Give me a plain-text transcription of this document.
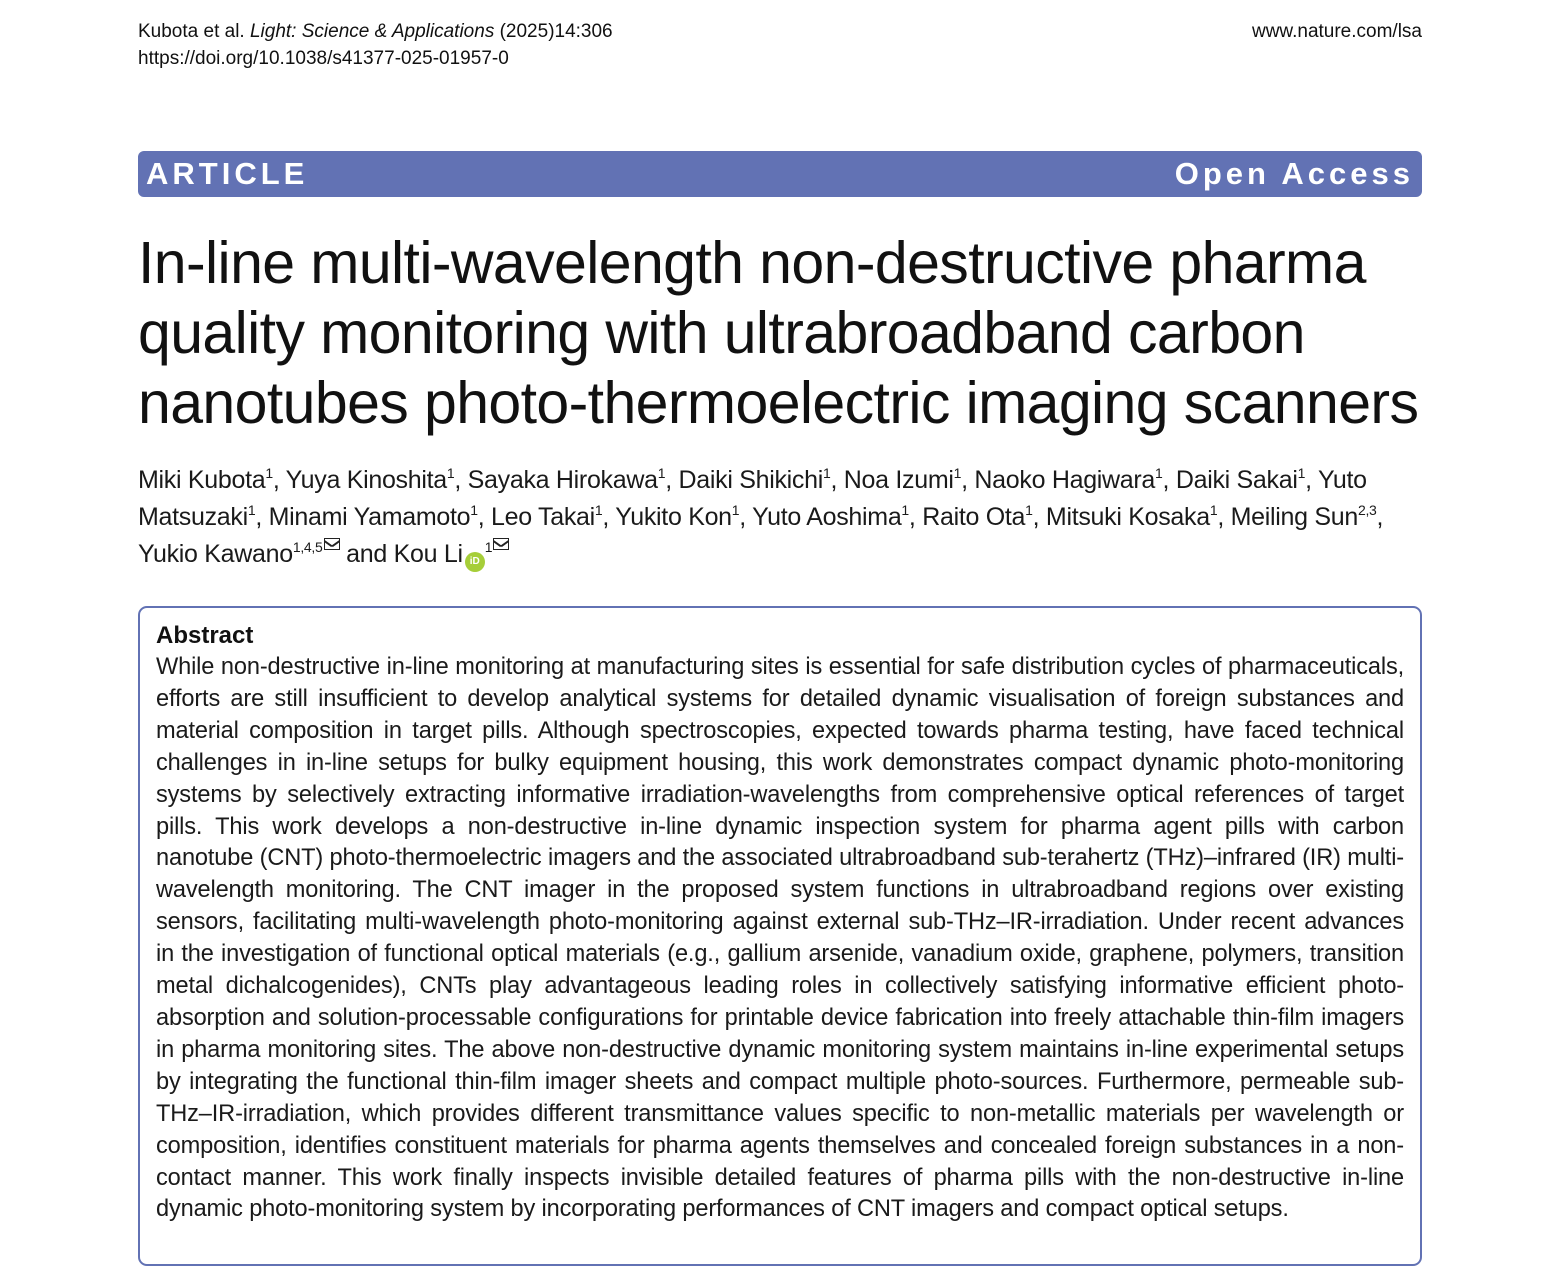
Kubota et al. Light: Science & Applications (2025)14:306
https://doi.org/10.1038/s41377-025-01957-0
www.nature.com/lsa
ARTICLE	Open Access
In-line multi-wavelength non-destructive pharma quality monitoring with ultrabroadband carbon nanotubes photo-thermoelectric imaging scanners
Miki Kubota$^1$, Yuya Kinoshita$^1$, Sayaka Hirokawa$^1$, Daiki Shikichi$^1$, Noa Izumi$^1$, Naoko Hagiwara$^1$, Daiki Sakai$^1$, Yuto Matsuzaki$^1$, Minami Yamamoto$^1$, Leo Takai$^1$, Yukito Kon$^1$, Yuto Aoshima$^1$, Raito Ota$^1$, Mitsuki Kosaka$^1$, Meiling Sun$^{2,3}$, Yukio Kawano$^{1,4,5}$ and Kou Li $iD^1$

Abstract

While non-destructive in-line monitoring at manufacturing sites is essential for safe distribution cycles of pharmaceuticals, efforts are still insufficient to develop analytical systems for detailed dynamic visualisation of foreign substances and material composition in target pills. Although spectroscopies, expected towards pharma testing, have faced technical challenges in in-line setups for bulky equipment housing, this work demonstrates compact dynamic photo-monitoring systems by selectively extracting informative irradiation-wavelengths from comprehensive optical references of target pills. This work develops a non-destructive in-line dynamic inspection system for pharma agent pills with carbon nanotube (CNT) photo-thermoelectric imagers and the associated ultrabroadband sub-terahertz (THz)–infrared (IR) multi-wavelength monitoring. The CNT imager in the proposed system functions in ultrabroadband regions over existing sensors, facilitating multi-wavelength photo-monitoring against external sub-THz–IR-irradiation. Under recent advances in the investigation of functional optical materials (e.g., gallium arsenide, vanadium oxide, graphene, polymers, transition metal dichalcogenides), CNTs play advantageous leading roles in collectively satisfying informative efficient photo-absorption and solution-processable configurations for printable device fabrication into freely attachable thin-film imagers in pharma monitoring sites. The above non-destructive dynamic monitoring system maintains in-line experimental setups by integrating the functional thin-film imager sheets and compact multiple photo-sources. Furthermore, permeable sub-THz–IR-irradiation, which provides different transmittance values specific to non-metallic materials per wavelength or composition, identifies constituent materials for pharma agents themselves and concealed foreign substances in a non-contact manner. This work finally inspects invisible detailed features of pharma pills with the non-destructive in-line dynamic photo-monitoring system by incorporating performances of CNT imagers and compact optical setups.
